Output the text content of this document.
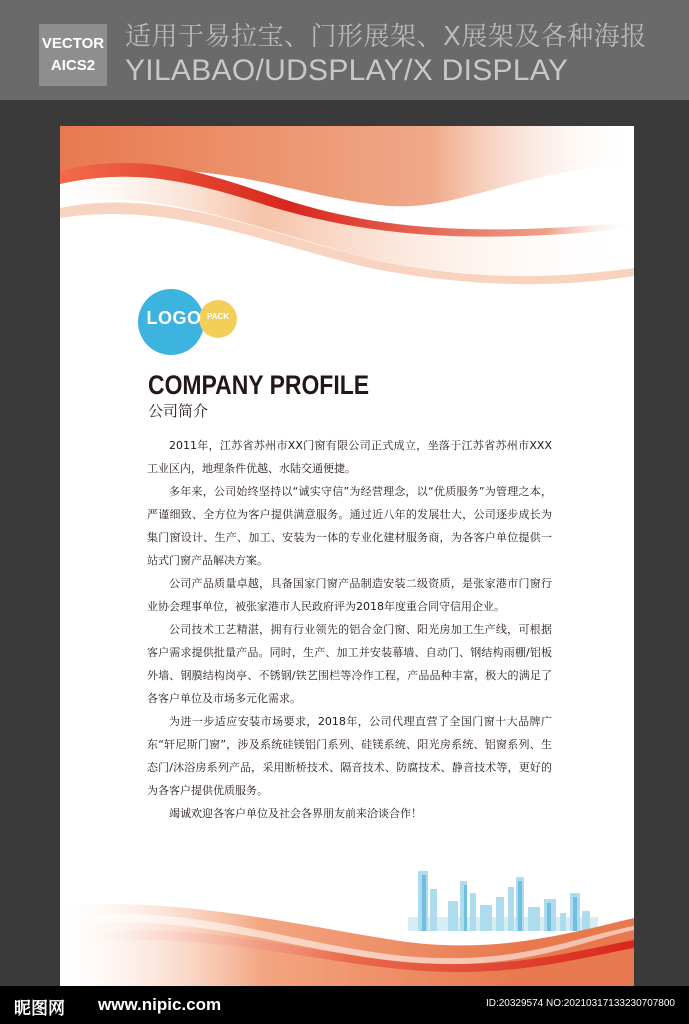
VECTOR
AICS2
适用于易拉宝、门形展架、X展架及各种海报
YILABAO/UDSPLAY/X DISPLAY
LOGO PACK
COMPANY PROFILE
公司简介

2011年，江苏省苏州市XX门窗有限公司正式成立，坐落于江苏省苏州市XXX工业区内，地理条件优越、水陆交通便捷。

多年来，公司始终坚持以“诚实守信”为经营理念，以“优质服务”为管理之本，严谨细致、全方位为客户提供满意服务。通过近八年的发展壮大，公司逐步成长为集门窗设计、生产、加工、安装为一体的专业化建材服务商，为各客户单位提供一站式门窗产品解决方案。

公司产品质量卓越，具备国家门窗产品制造安装二级资质，是张家港市门窗行业协会理事单位，被张家港市人民政府评为2018年度重合同守信用企业。

公司技术工艺精湛，拥有行业领先的铝合金门窗、阳光房加工生产线，可根据客户需求提供批量产品。同时，生产、加工并安装幕墙、自动门、钢结构雨棚/铝板外墙、钢膜结构岗亭、不锈钢/铁艺围栏等冷作工程，产品品种丰富，极大的满足了各客户单位及市场多元化需求。

为进一步适应安装市场要求，2018年，公司代理直营了全国门窗十大品牌广东“轩尼斯门窗”，涉及系统硅镁铝门系列、硅镁系统、阳光房系统、铝窗系列、生态门/沐浴房系列产品，采用断桥技术、隔音技术、防腐技术、静音技术等，更好的为各客户提供优质服务。

竭诚欢迎各客户单位及社会各界朋友前来洽谈合作！

昵图网 www.nipic.com	ID:20329574 NO:20210317133230707800
